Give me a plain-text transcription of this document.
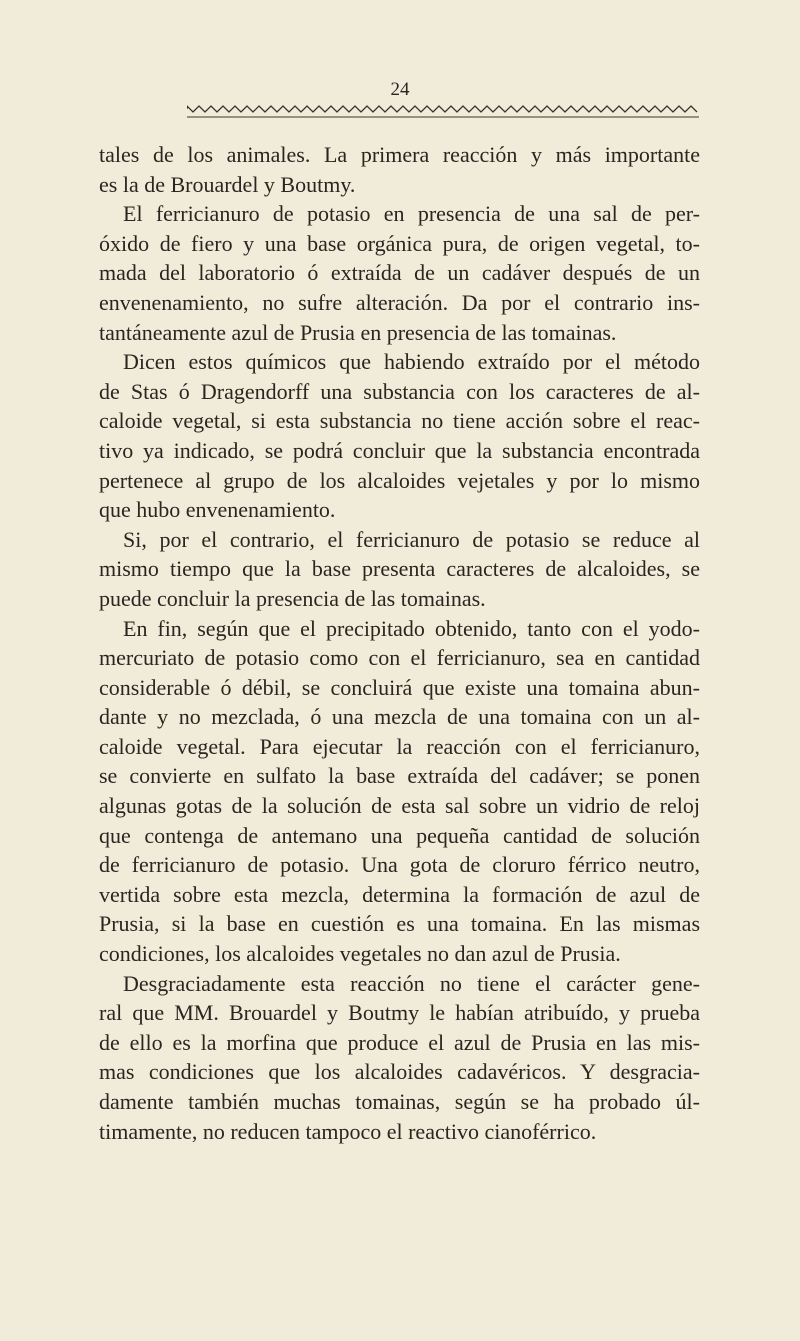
24
tales de los animales. La primera reacción y más importante
es la de Brouardel y Boutmy.
El ferricianuro de potasio en presencia de una sal de per-
óxido de fiero y una base orgánica pura, de origen vegetal, to-
mada del laboratorio ó extraída de un cadáver después de un
envenenamiento, no sufre alteración. Da por el contrario ins-
tantáneamente azul de Prusia en presencia de las tomainas.
Dicen estos químicos que habiendo extraído por el método
de Stas ó Dragendorff una substancia con los caracteres de al-
caloide vegetal, si esta substancia no tiene acción sobre el reac-
tivo ya indicado, se podrá concluir que la substancia encontrada
pertenece al grupo de los alcaloides vejetales y por lo mismo
que hubo envenenamiento.
Si, por el contrario, el ferricianuro de potasio se reduce al
mismo tiempo que la base presenta caracteres de alcaloides, se
puede concluir la presencia de las tomainas.
En fin, según que el precipitado obtenido, tanto con el yodo-
mercuriato de potasio como con el ferricianuro, sea en cantidad
considerable ó débil, se concluirá que existe una tomaina abun-
dante y no mezclada, ó una mezcla de una tomaina con un al-
caloide vegetal. Para ejecutar la reacción con el ferricianuro,
se convierte en sulfato la base extraída del cadáver; se ponen
algunas gotas de la solución de esta sal sobre un vidrio de reloj
que contenga de antemano una pequeña cantidad de solución
de ferricianuro de potasio. Una gota de cloruro férrico neutro,
vertida sobre esta mezcla, determina la formación de azul de
Prusia, si la base en cuestión es una tomaina. En las mismas
condiciones, los alcaloides vegetales no dan azul de Prusia.
Desgraciadamente esta reacción no tiene el carácter gene-
ral que MM. Brouardel y Boutmy le habían atribuído, y prueba
de ello es la morfina que produce el azul de Prusia en las mis-
mas condiciones que los alcaloides cadavéricos. Y desgracia-
damente también muchas tomainas, según se ha probado úl-
timamente, no reducen tampoco el reactivo cianoférrico.
